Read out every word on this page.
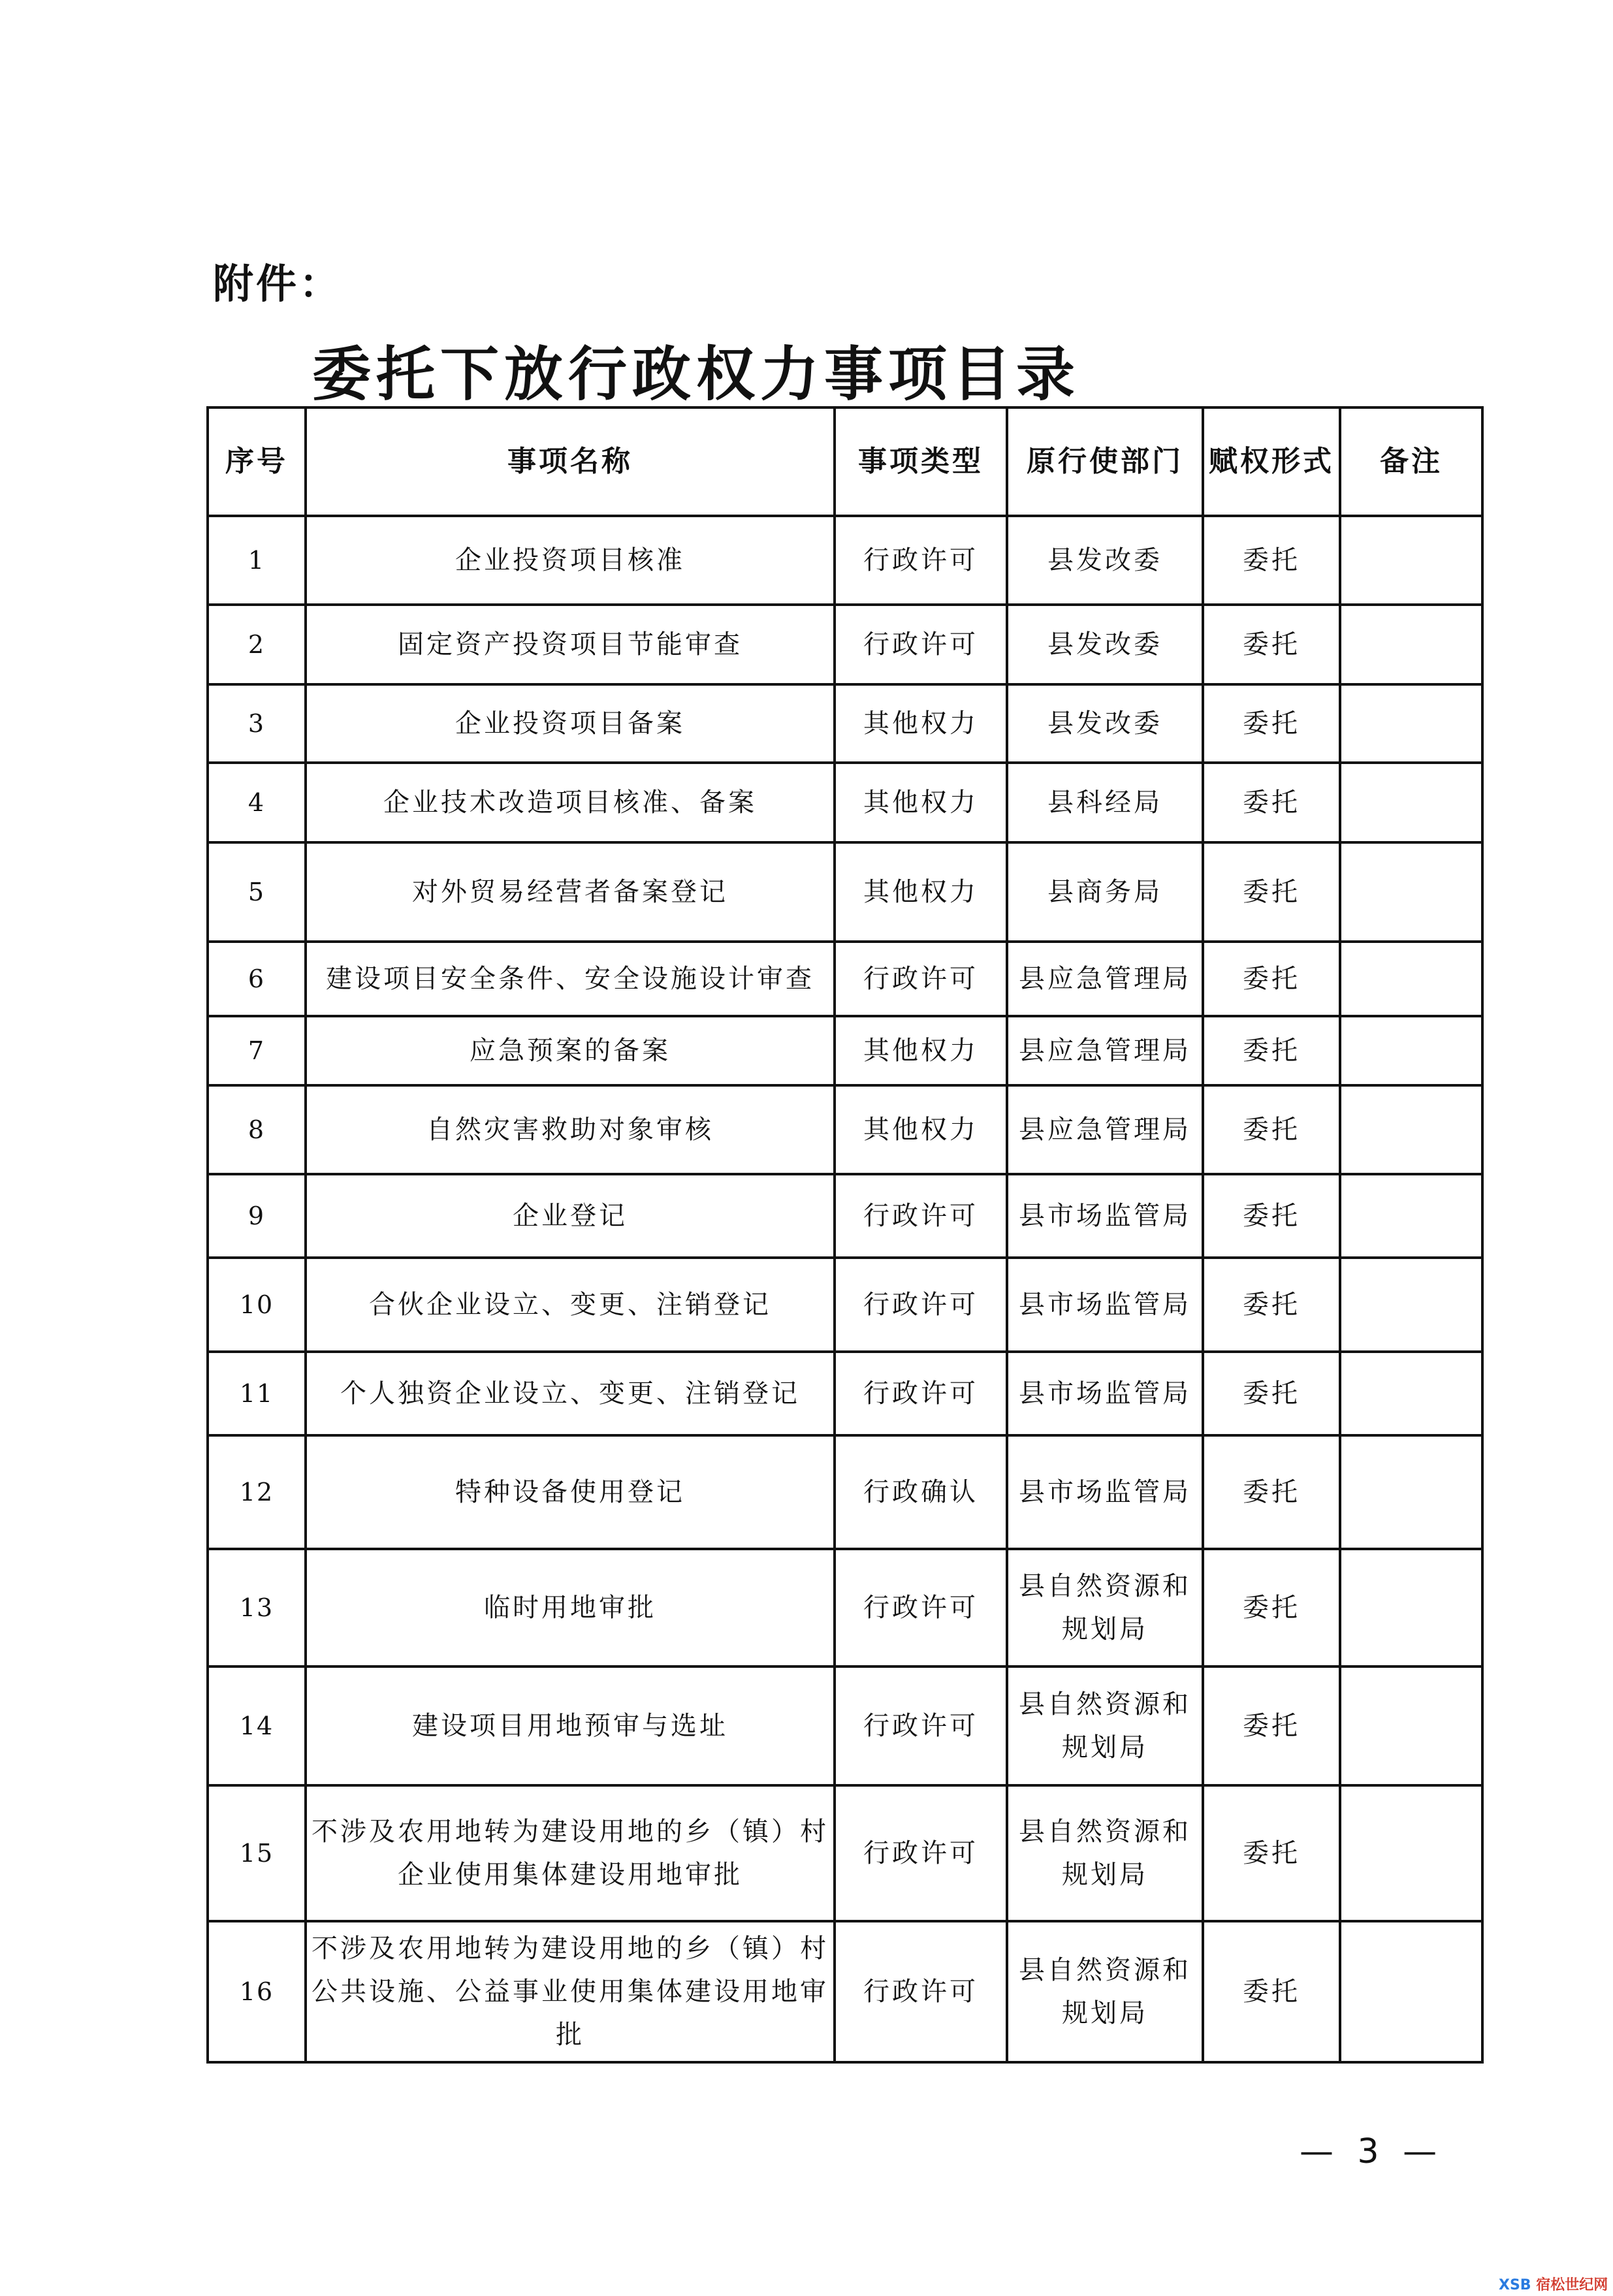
附件：
委托下放行政权力事项目录
序号	事项名称	事项类型	原行使部门	赋权形式	备注
1	企业投资项目核准	行政许可	县发改委	委托	
2	固定资产投资项目节能审查	行政许可	县发改委	委托	
3	企业投资项目备案	其他权力	县发改委	委托	
4	企业技术改造项目核准、备案	其他权力	县科经局	委托	
5	对外贸易经营者备案登记	其他权力	县商务局	委托	
6	建设项目安全条件、安全设施设计审查	行政许可	县应急管理局	委托	
7	应急预案的备案	其他权力	县应急管理局	委托	
8	自然灾害救助对象审核	其他权力	县应急管理局	委托	
9	企业登记	行政许可	县市场监管局	委托	
10	合伙企业设立、变更、注销登记	行政许可	县市场监管局	委托	
11	个人独资企业设立、变更、注销登记	行政许可	县市场监管局	委托	
12	特种设备使用登记	行政确认	县市场监管局	委托	
13	临时用地审批	行政许可	县自然资源和规划局	委托	
14	建设项目用地预审与选址	行政许可	县自然资源和规划局	委托	
15	不涉及农用地转为建设用地的乡（镇）村企业使用集体建设用地审批	行政许可	县自然资源和规划局	委托	
16	不涉及农用地转为建设用地的乡（镇）村公共设施、公益事业使用集体建设用地审批	行政许可	县自然资源和规划局	委托	
— 3 —
XSB 宿松世纪网
